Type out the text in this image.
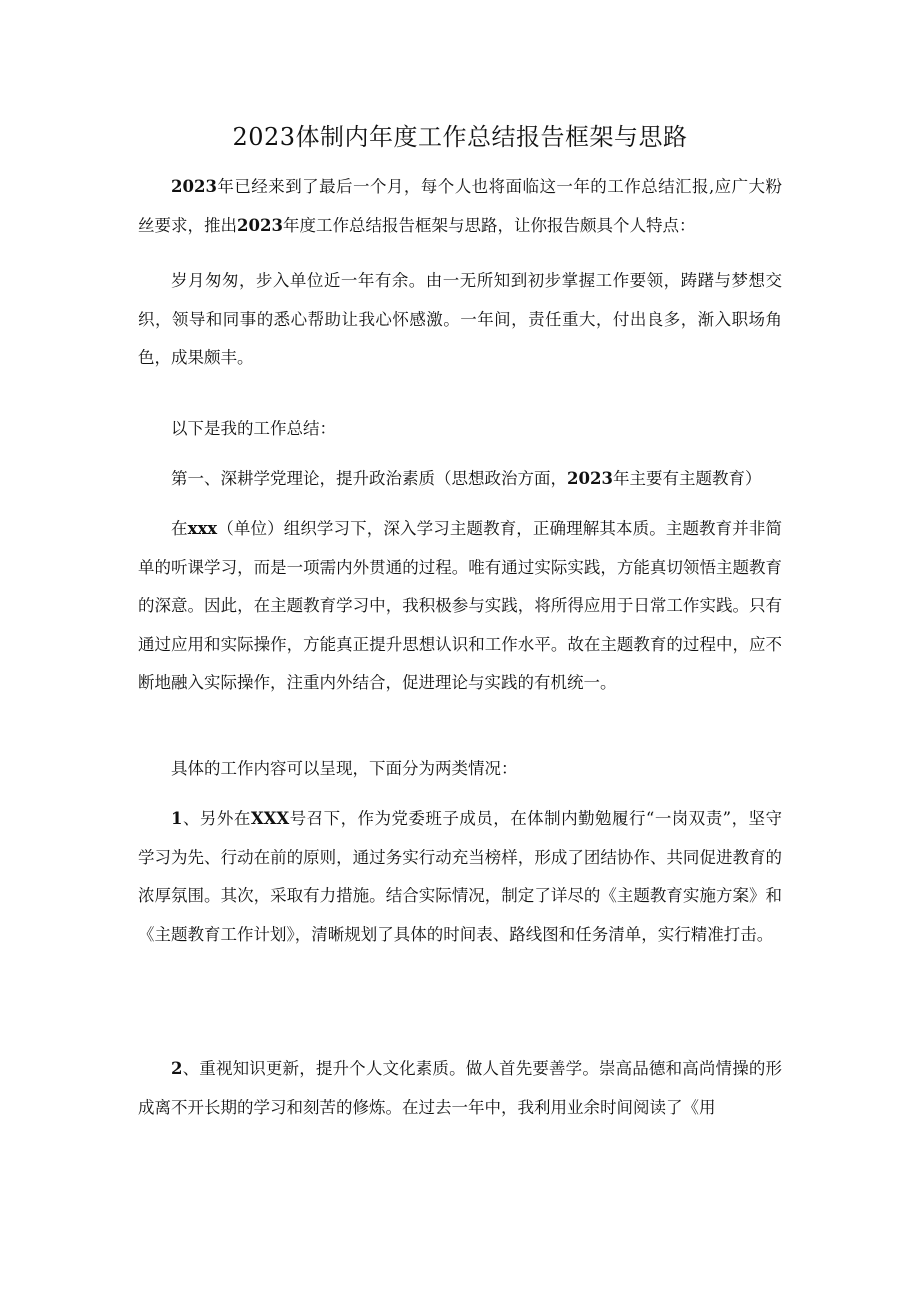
2023体制内年度工作总结报告框架与思路

2023年已经来到了最后一个月，每个人也将面临这一年的工作总结汇报,应广大粉丝要求，推出2023年度工作总结报告框架与思路，让你报告颇具个人特点：

岁月匆匆，步入单位近一年有余。由一无所知到初步掌握工作要领，踌躇与梦想交织，领导和同事的悉心帮助让我心怀感激。一年间，责任重大，付出良多，渐入职场角色，成果颇丰。

以下是我的工作总结：

第一、深耕学党理论，提升政治素质（思想政治方面，2023年主要有主题教育）

在xxx（单位）组织学习下，深入学习主题教育，正确理解其本质。主题教育并非简单的听课学习，而是一项需内外贯通的过程。唯有通过实际实践，方能真切领悟主题教育的深意。因此，在主题教育学习中，我积极参与实践，将所得应用于日常工作实践。只有通过应用和实际操作，方能真正提升思想认识和工作水平。故在主题教育的过程中，应不断地融入实际操作，注重内外结合，促进理论与实践的有机统一。

具体的工作内容可以呈现，下面分为两类情况：

1、另外在XXX号召下，作为党委班子成员，在体制内勤勉履行“一岗双责”，坚守学习为先、行动在前的原则，通过务实行动充当榜样，形成了团结协作、共同促进教育的浓厚氛围。其次，采取有力措施。结合实际情况，制定了详尽的《主题教育实施方案》和《主题教育工作计划》，清晰规划了具体的时间表、路线图和任务清单，实行精准打击。

2、重视知识更新，提升个人文化素质。做人首先要善学。崇高品德和高尚情操的形成离不开长期的学习和刻苦的修炼。在过去一年中，我利用业余时间阅读了《用
